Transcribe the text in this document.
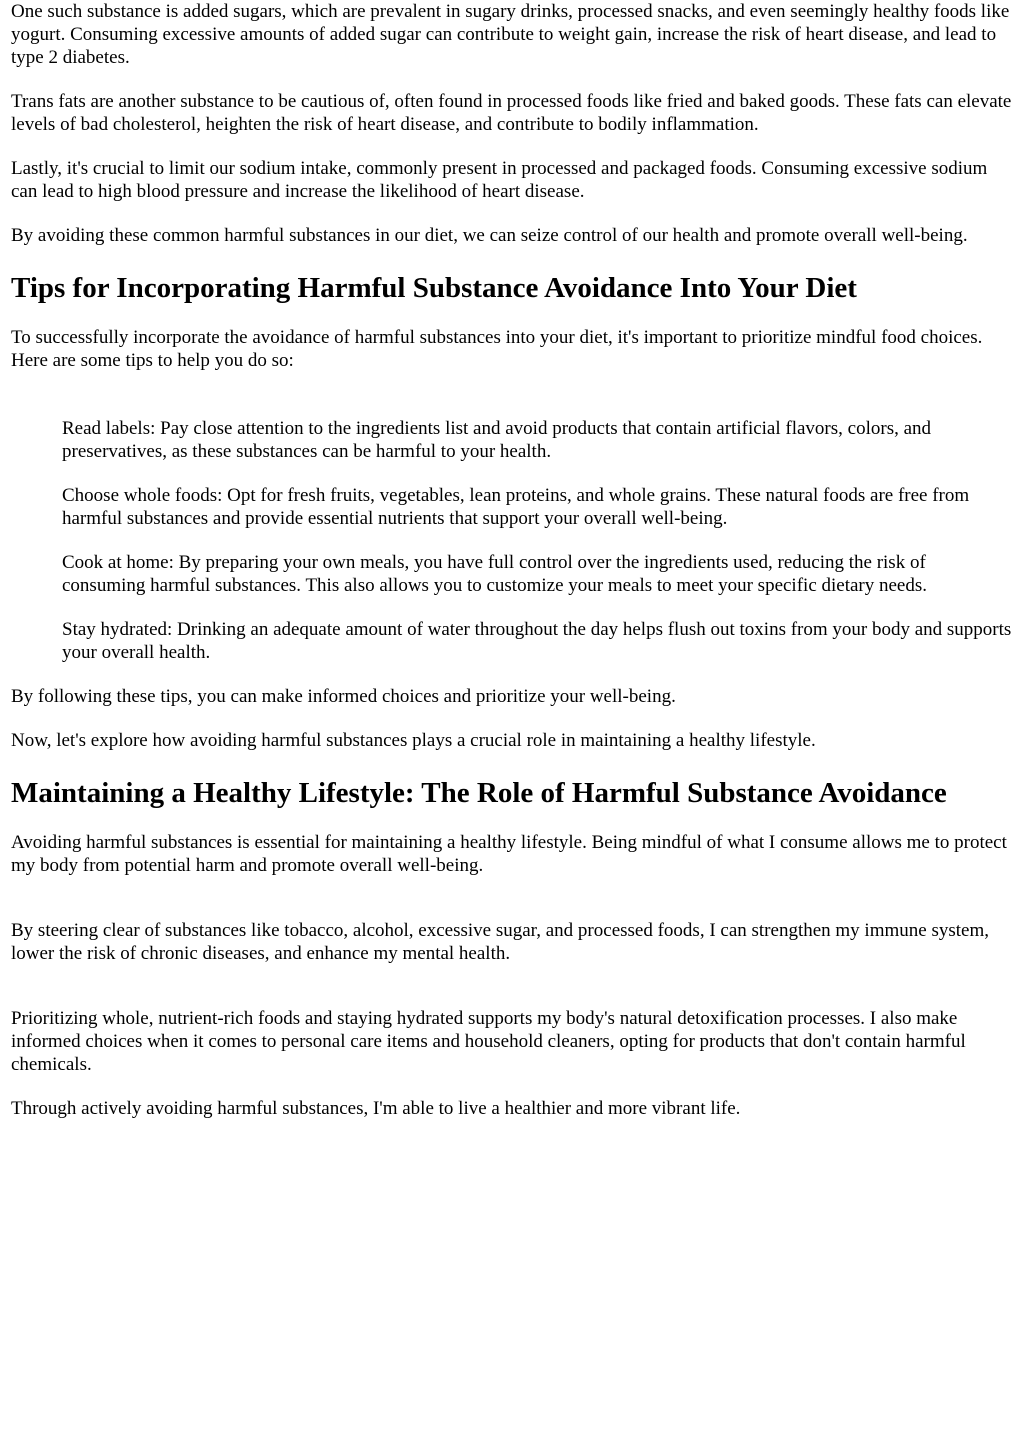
One such substance is added sugars, which are prevalent in sugary drinks, processed snacks, and even seemingly healthy foods like yogurt. Consuming excessive amounts of added sugar can contribute to weight gain, increase the risk of heart disease, and lead to type 2 diabetes.

Trans fats are another substance to be cautious of, often found in processed foods like fried and baked goods. These fats can elevate levels of bad cholesterol, heighten the risk of heart disease, and contribute to bodily inflammation.

Lastly, it's crucial to limit our sodium intake, commonly present in processed and packaged foods. Consuming excessive sodium can lead to high blood pressure and increase the likelihood of heart disease.

By avoiding these common harmful substances in our diet, we can seize control of our health and promote overall well-being.

Tips for Incorporating Harmful Substance Avoidance Into Your Diet

To successfully incorporate the avoidance of harmful substances into your diet, it's important to prioritize mindful food choices. Here are some tips to help you do so:

Read labels: Pay close attention to the ingredients list and avoid products that contain artificial flavors, colors, and preservatives, as these substances can be harmful to your health.
Choose whole foods: Opt for fresh fruits, vegetables, lean proteins, and whole grains. These natural foods are free from harmful substances and provide essential nutrients that support your overall well-being.
Cook at home: By preparing your own meals, you have full control over the ingredients used, reducing the risk of consuming harmful substances. This also allows you to customize your meals to meet your specific dietary needs.
Stay hydrated: Drinking an adequate amount of water throughout the day helps flush out toxins from your body and supports your overall health.

By following these tips, you can make informed choices and prioritize your well-being.

Now, let's explore how avoiding harmful substances plays a crucial role in maintaining a healthy lifestyle.

Maintaining a Healthy Lifestyle: The Role of Harmful Substance Avoidance

Avoiding harmful substances is essential for maintaining a healthy lifestyle. Being mindful of what I consume allows me to protect my body from potential harm and promote overall well-being.

By steering clear of substances like tobacco, alcohol, excessive sugar, and processed foods, I can strengthen my immune system, lower the risk of chronic diseases, and enhance my mental health.

Prioritizing whole, nutrient-rich foods and staying hydrated supports my body's natural detoxification processes. I also make informed choices when it comes to personal care items and household cleaners, opting for products that don't contain harmful chemicals.

Through actively avoiding harmful substances, I'm able to live a healthier and more vibrant life.
